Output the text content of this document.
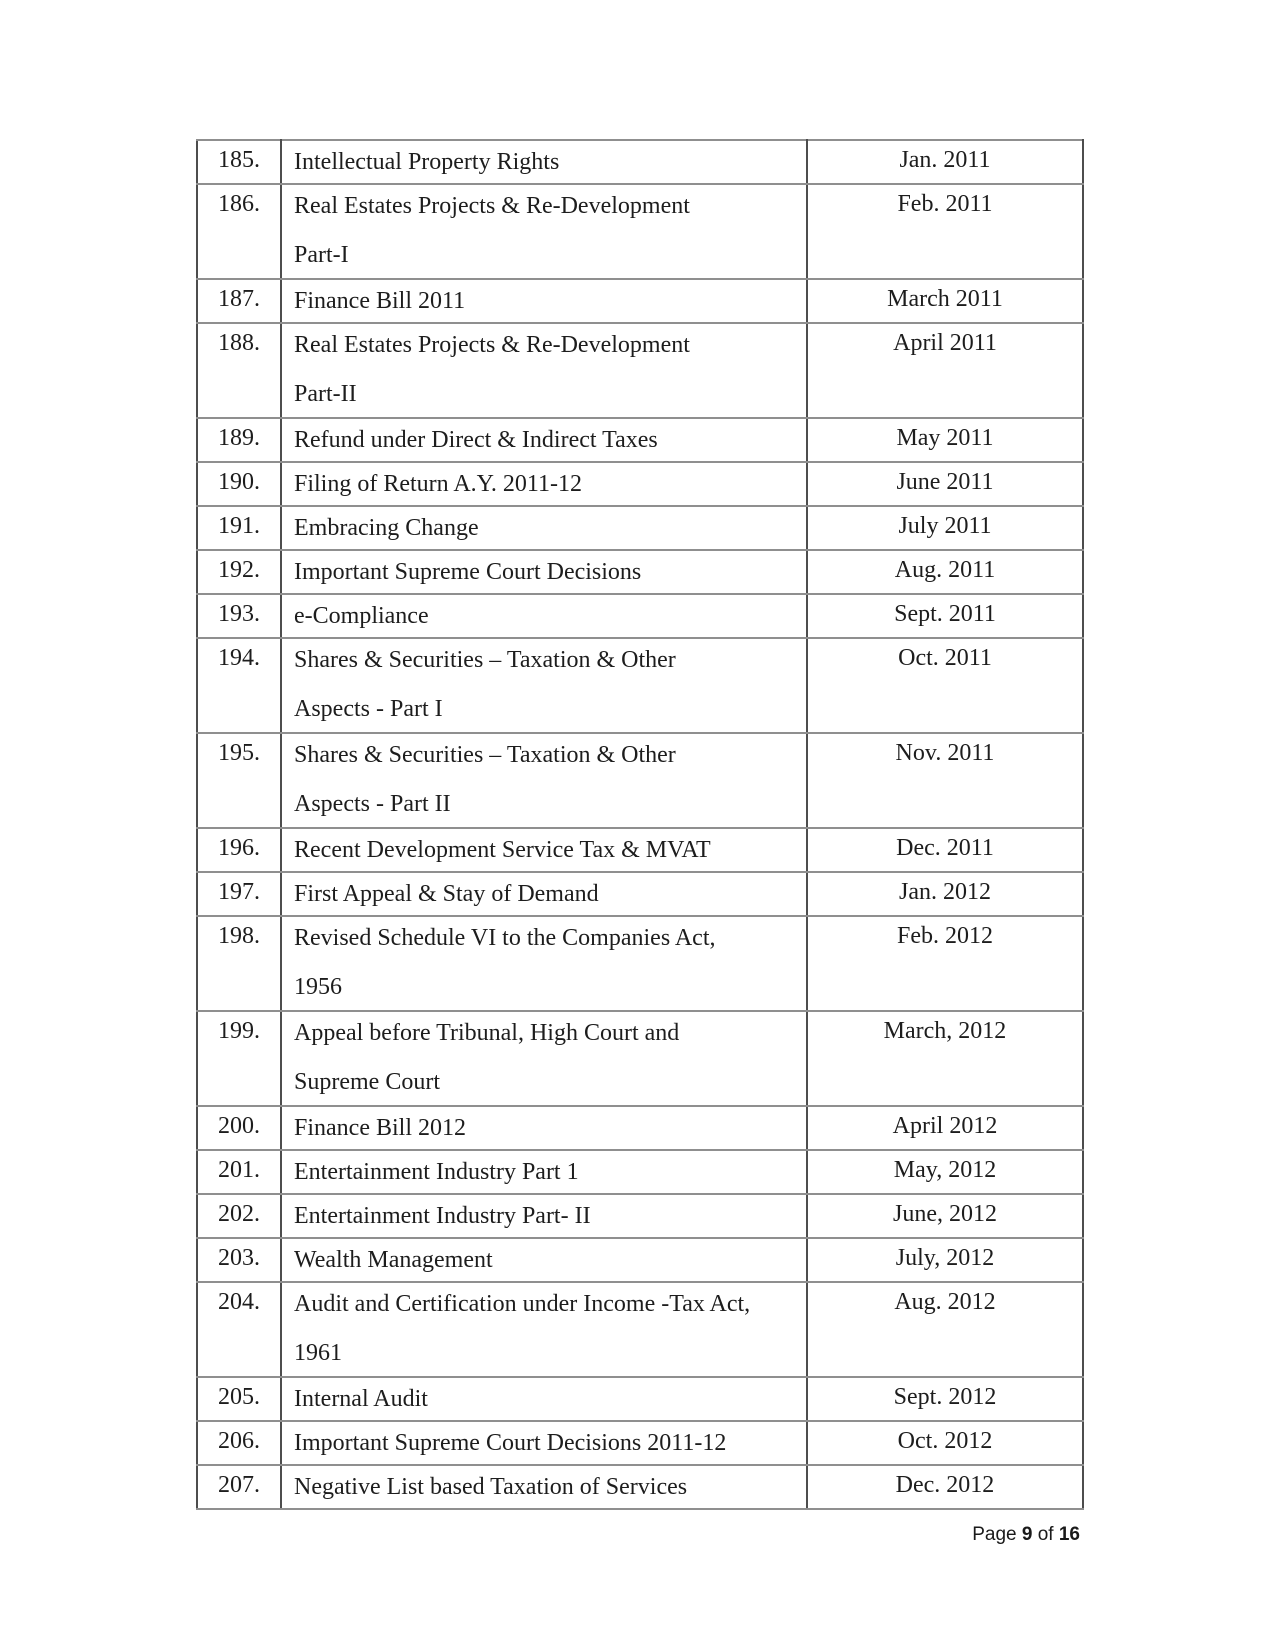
185.	Intellectual Property Rights	Jan. 2011
186.	Real Estates Projects & Re-Development
Part-I	Feb. 2011
187.	Finance Bill 2011	March 2011
188.	Real Estates Projects & Re-Development
Part-II	April 2011
189.	Refund under Direct & Indirect Taxes	May 2011
190.	Filing of Return A.Y. 2011-12	June 2011
191.	Embracing Change	July 2011
192.	Important Supreme Court Decisions	Aug. 2011
193.	e-Compliance	Sept. 2011
194.	Shares & Securities – Taxation & Other
Aspects - Part I	Oct. 2011
195.	Shares & Securities – Taxation & Other
Aspects - Part II	Nov. 2011
196.	Recent Development Service Tax & MVAT	Dec. 2011
197.	First Appeal & Stay of Demand	Jan. 2012
198.	Revised Schedule VI to the Companies Act,
1956	Feb. 2012
199.	Appeal before Tribunal, High Court and
Supreme Court	March, 2012
200.	Finance Bill 2012	April 2012
201.	Entertainment Industry Part 1	May, 2012
202.	Entertainment Industry Part- II	June, 2012
203.	Wealth Management	July, 2012
204.	Audit and Certification under Income -Tax Act,
1961	Aug. 2012
205.	Internal Audit	Sept. 2012
206.	Important Supreme Court Decisions 2011-12	Oct. 2012
207.	Negative List based Taxation of Services	Dec. 2012
Page 9 of 16
